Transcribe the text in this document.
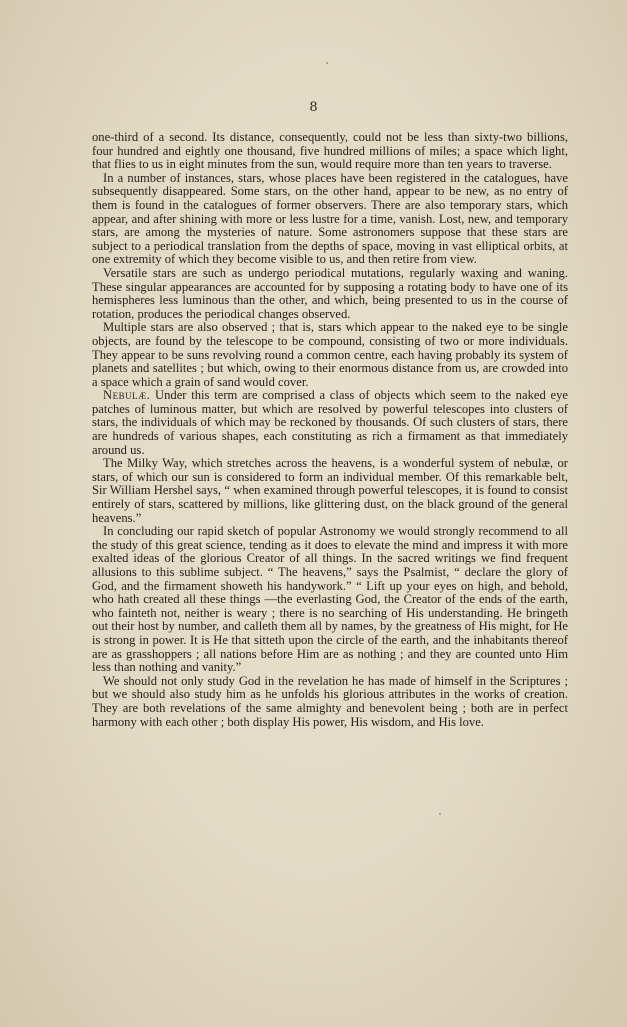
8

one-third of a second. Its distance, consequently, could not be less than sixty-two billions, four hundred and eightly one thousand, five hundred millions of miles; a space which light, that flies to us in eight minutes from the sun, would require more than ten years to traverse.

In a number of instances, stars, whose places have been registered in the catalogues, have subsequently disappeared. Some stars, on the other hand, appear to be new, as no entry of them is found in the catalogues of former observers. There are also temporary stars, which appear, and after shining with more or less lustre for a time, vanish. Lost, new, and temporary stars, are among the mysteries of nature. Some astronomers suppose that these stars are subject to a periodical translation from the depths of space, moving in vast elliptical orbits, at one extremity of which they become visible to us, and then retire from view.

Versatile stars are such as undergo periodical mutations, regularly waxing and waning. These singular appearances are accounted for by supposing a rotating body to have one of its hemispheres less luminous than the other, and which, being presented to us in the course of rotation, produces the periodical changes observed.

Multiple stars are also observed ; that is, stars which appear to the naked eye to be single objects, are found by the telescope to be compound, consisting of two or more individuals. They appear to be suns revolving round a common centre, each having probably its system of planets and satellites ; but which, owing to their enormous distance from us, are crowded into a space which a grain of sand would cover.

Nebulæ. Under this term are comprised a class of objects which seem to the naked eye patches of luminous matter, but which are resolved by powerful telescopes into clusters of stars, the individuals of which may be reckoned by thousands. Of such clusters of stars, there are hundreds of various shapes, each constituting as rich a firmament as that immediately around us.

The Milky Way, which stretches across the heavens, is a wonderful system of nebulæ, or stars, of which our sun is considered to form an individual member. Of this remarkable belt, Sir William Hershel says, “ when examined through powerful telescopes, it is found to consist entirely of stars, scattered by millions, like glittering dust, on the black ground of the general heavens.”

In concluding our rapid sketch of popular Astronomy we would strongly recommend to all the study of this great science, tending as it does to elevate the mind and impress it with more exalted ideas of the glorious Creator of all things. In the sacred writings we find frequent allusions to this sublime subject. “ The heavens,” says the Psalmist, “ declare the glory of God, and the firmament showeth his handywork.” “ Lift up your eyes on high, and behold, who hath created all these things —the everlasting God, the Creator of the ends of the earth, who fainteth not, neither is weary ; there is no searching of His understanding. He bringeth out their host by number, and calleth them all by names, by the greatness of His might, for He is strong in power. It is He that sitteth upon the circle of the earth, and the inhabitants thereof are as grasshoppers ; all nations before Him are as nothing ; and they are counted unto Him less than nothing and vanity.”

We should not only study God in the revelation he has made of himself in the Scriptures ; but we should also study him as he unfolds his glorious attributes in the works of creation. They are both revelations of the same almighty and benevolent being ; both are in perfect harmony with each other ; both display His power, His wisdom, and His love.
